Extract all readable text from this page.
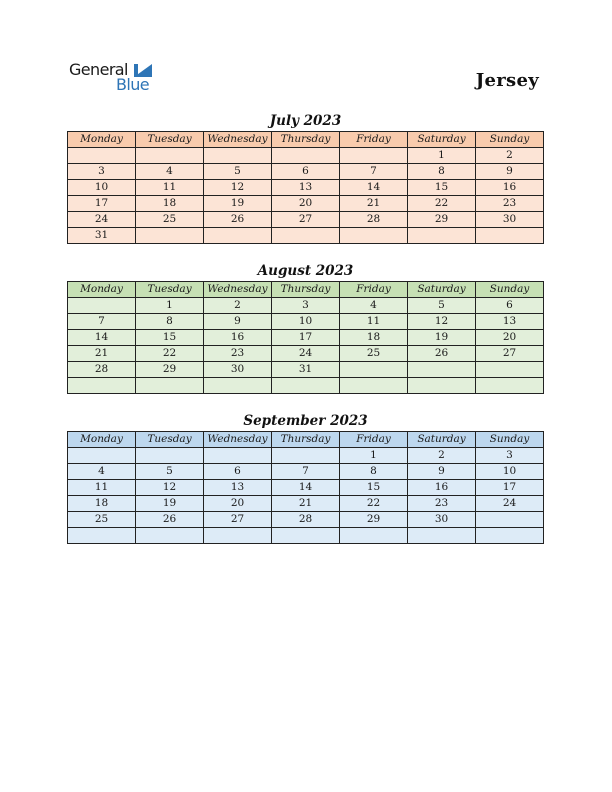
General
Blue	Jersey
July 2023
Monday	Tuesday	Wednesday	Thursday	Friday	Saturday	Sunday
					1	2
3	4	5	6	7	8	9
10	11	12	13	14	15	16
17	18	19	20	21	22	23
24	25	26	27	28	29	30
31						
August 2023
Monday	Tuesday	Wednesday	Thursday	Friday	Saturday	Sunday
	1	2	3	4	5	6
7	8	9	10	11	12	13
14	15	16	17	18	19	20
21	22	23	24	25	26	27
28	29	30	31			

September 2023
Monday	Tuesday	Wednesday	Thursday	Friday	Saturday	Sunday
				1	2	3
4	5	6	7	8	9	10
11	12	13	14	15	16	17
18	19	20	21	22	23	24
25	26	27	28	29	30	
